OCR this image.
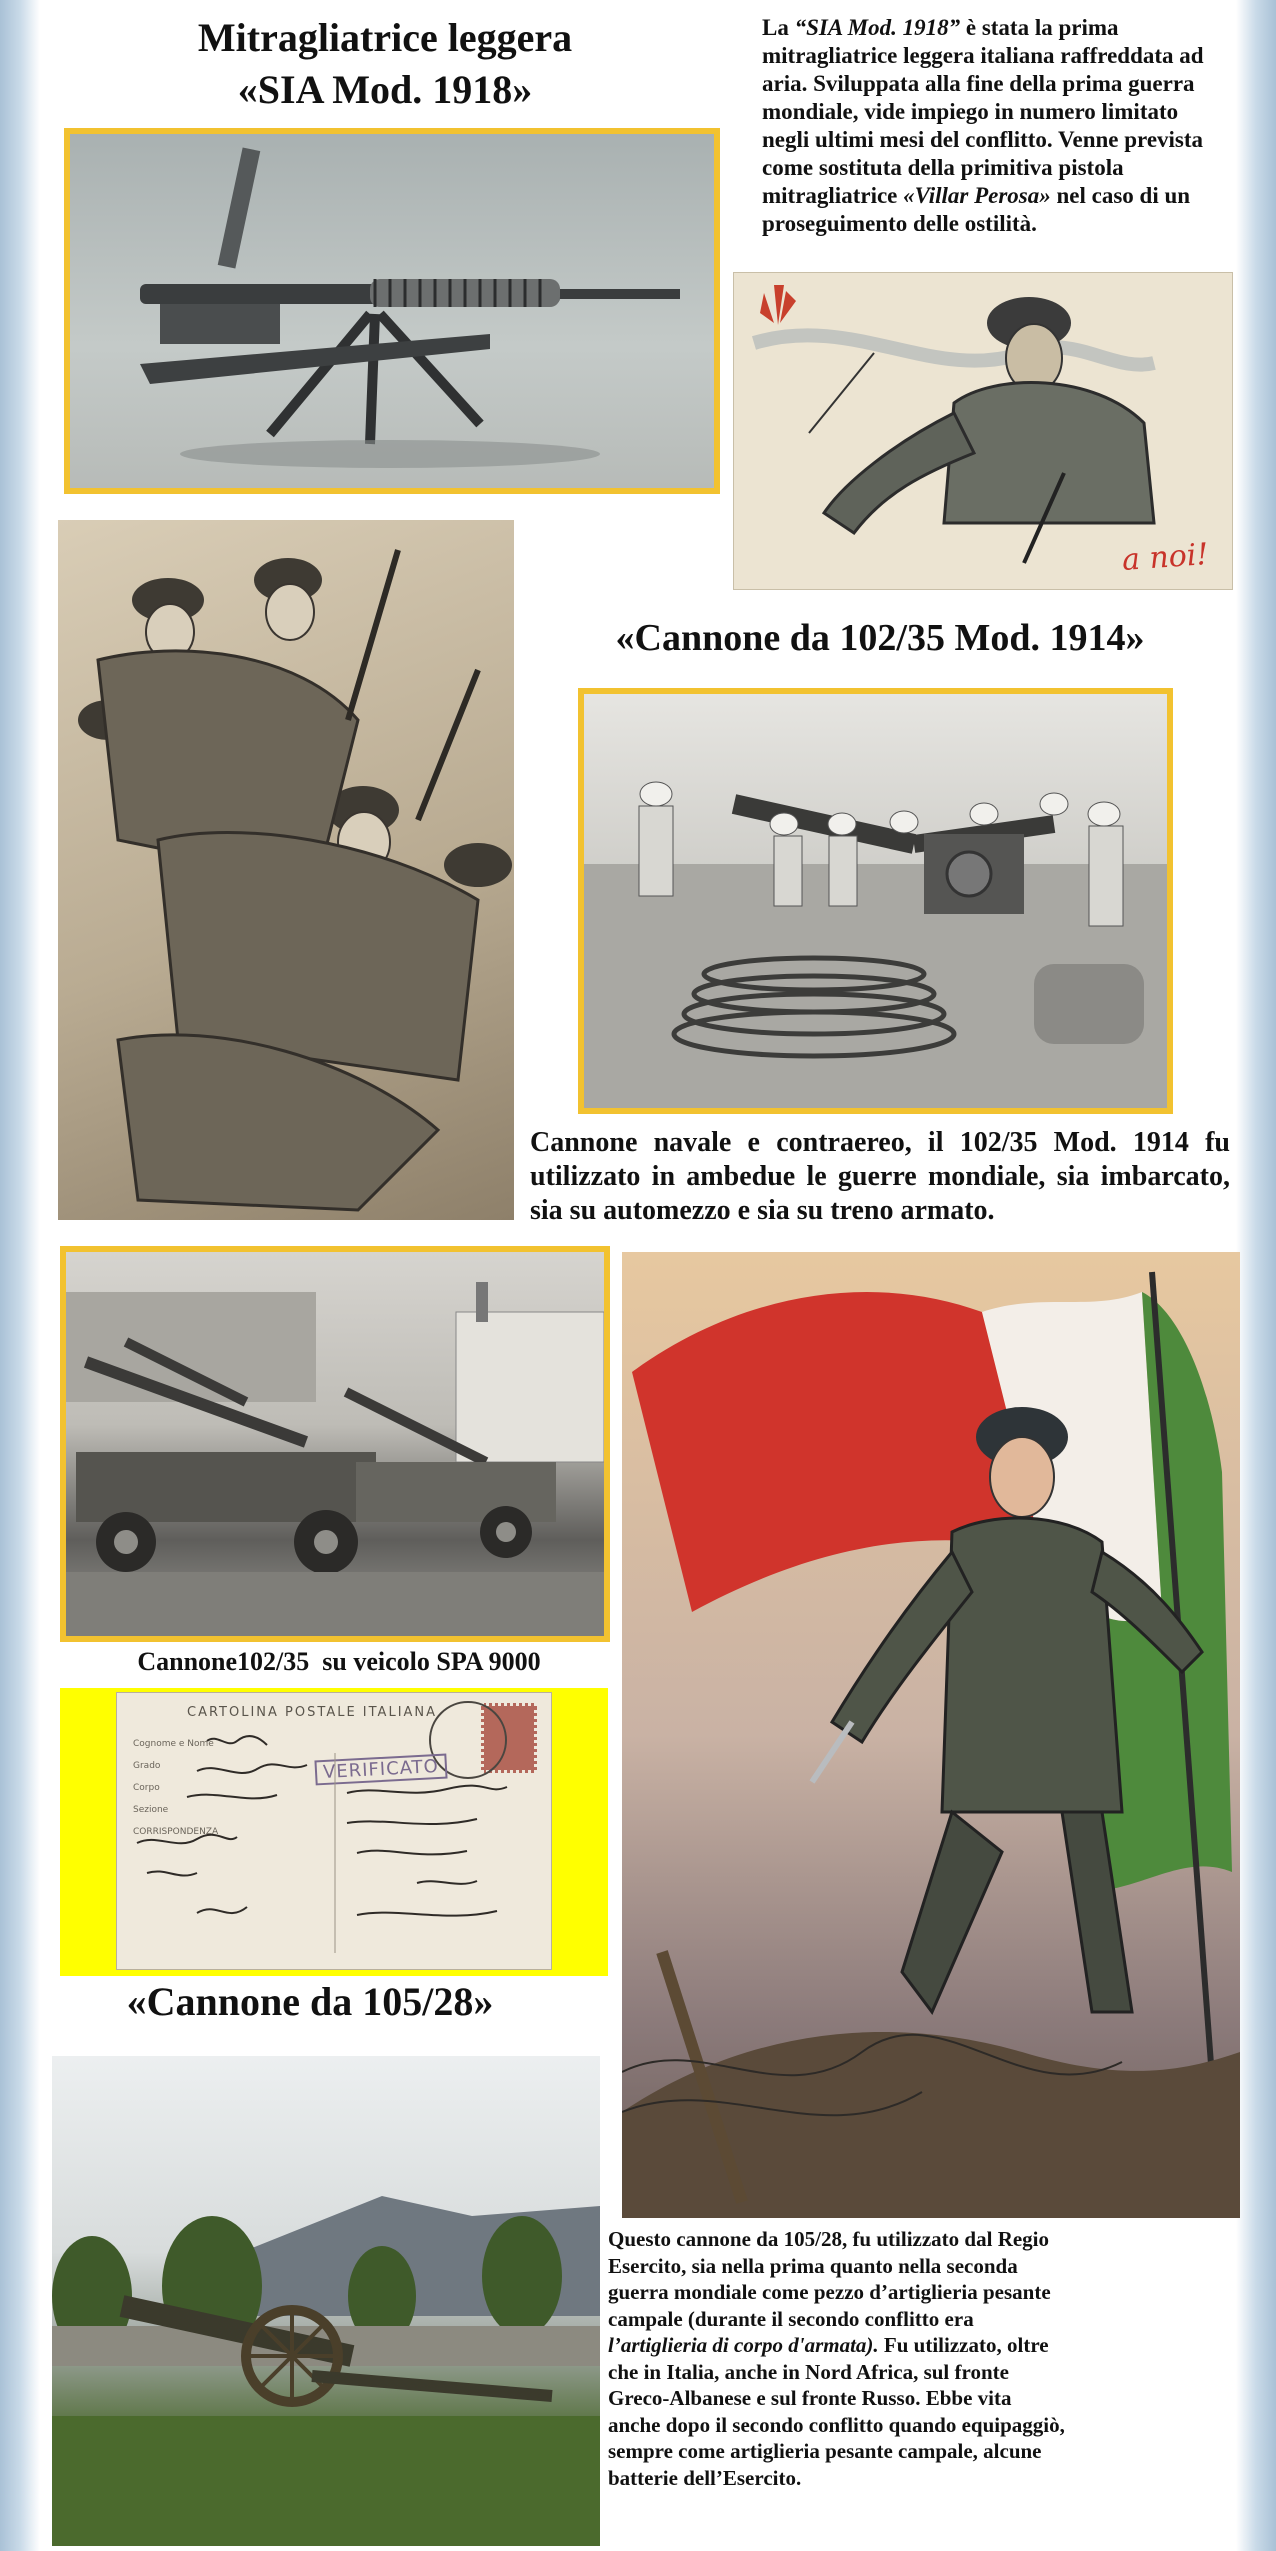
Mitragliatrice leggera
«SIA Mod. 1918»
La “SIA Mod. 1918” è stata la prima mitragliatrice leggera italiana raffreddata ad aria. Sviluppata alla fine della prima guerra mondiale, vide impiego in numero limitato negli ultimi mesi del conflitto. Venne prevista come sostituta della primitiva pistola mitragliatrice «Villar Perosa» nel caso di un proseguimento delle ostilità.
a noi!
«Cannone da 102/35 Mod. 1914»
Cannone navale e contraereo, il 102/35 Mod. 1914 fu utilizzato in ambedue le guerre mondiale, sia imbarcato, sia su automezzo e sia su treno armato.
Cannone102/35  su veicolo SPA 9000
CARTOLINA POSTALE ITALIANA
VERIFICATO
Cognome e Nome
Grado
Corpo
Sezione
CORRISPONDENZA
«Cannone da 105/28»
Questo cannone da 105/28, fu utilizzato dal Regio Esercito, sia nella prima quanto nella seconda guerra mondiale come pezzo d’artiglieria pesante campale (durante il secondo conflitto era l’artiglieria di corpo d'armata). Fu utilizzato, oltre che in Italia, anche in Nord Africa, sul fronte Greco-Albanese e sul fronte Russo. Ebbe vita anche dopo il secondo conflitto quando equipaggiò, sempre come artiglieria pesante campale, alcune batterie dell’Esercito.
